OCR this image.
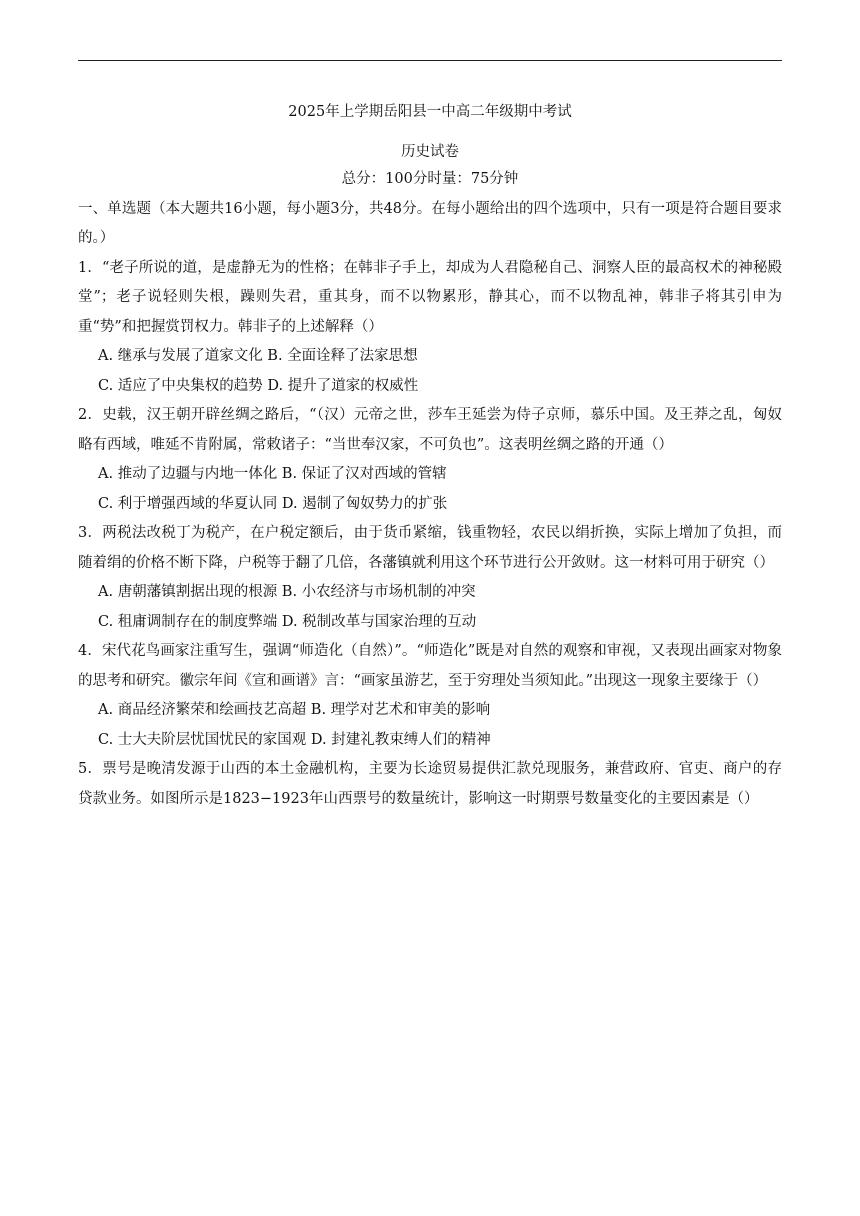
2025年上学期岳阳县一中高二年级期中考试
历史试卷
总分：100分时量：75分钟
一、单选题（本大题共16小题，每小题3分，共48分。在每小题给出的四个选项中，只有一项是符合题目要求的。）
1．“老子所说的道，是虚静无为的性格；在韩非子手上，却成为人君隐秘自己、洞察人臣的最高权术的神秘殿堂”；老子说轻则失根，躁则失君，重其身，而不以物累形，静其心，而不以物乱神，韩非子将其引申为重“势”和把握赏罚权力。韩非子的上述解释（）
A. 继承与发展了道家文化 B. 全面诠释了法家思想
C. 适应了中央集权的趋势 D. 提升了道家的权威性
2．史载，汉王朝开辟丝绸之路后，“（汉）元帝之世，莎车王延尝为侍子京师，慕乐中国。及王莽之乱，匈奴略有西域，唯延不肯附属，常敕诸子：“当世奉汉家，不可负也”。这表明丝绸之路的开通（）
A. 推动了边疆与内地一体化 B. 保证了汉对西域的管辖
C. 利于增强西域的华夏认同 D. 遏制了匈奴势力的扩张
3．两税法改税丁为税产，在户税定额后，由于货币紧缩，钱重物轻，农民以绢折换，实际上增加了负担，而随着绢的价格不断下降，户税等于翻了几倍，各藩镇就利用这个环节进行公开敛财。这一材料可用于研究（）
A. 唐朝藩镇割据出现的根源 B. 小农经济与市场机制的冲突
C. 租庸调制存在的制度弊端 D. 税制改革与国家治理的互动
4．宋代花鸟画家注重写生，强调“师造化（自然）”。“师造化”既是对自然的观察和审视，又表现出画家对物象的思考和研究。徽宗年间《宣和画谱》言：“画家虽游艺，至于穷理处当须知此。”出现这一现象主要缘于（）
A. 商品经济繁荣和绘画技艺高超 B. 理学对艺术和审美的影响
C. 士大夫阶层忧国忧民的家国观 D. 封建礼教束缚人们的精神
5．票号是晚清发源于山西的本土金融机构，主要为长途贸易提供汇款兑现服务，兼营政府、官吏、商户的存贷款业务。如图所示是1823−1923年山西票号的数量统计，影响这一时期票号数量变化的主要因素是（）
